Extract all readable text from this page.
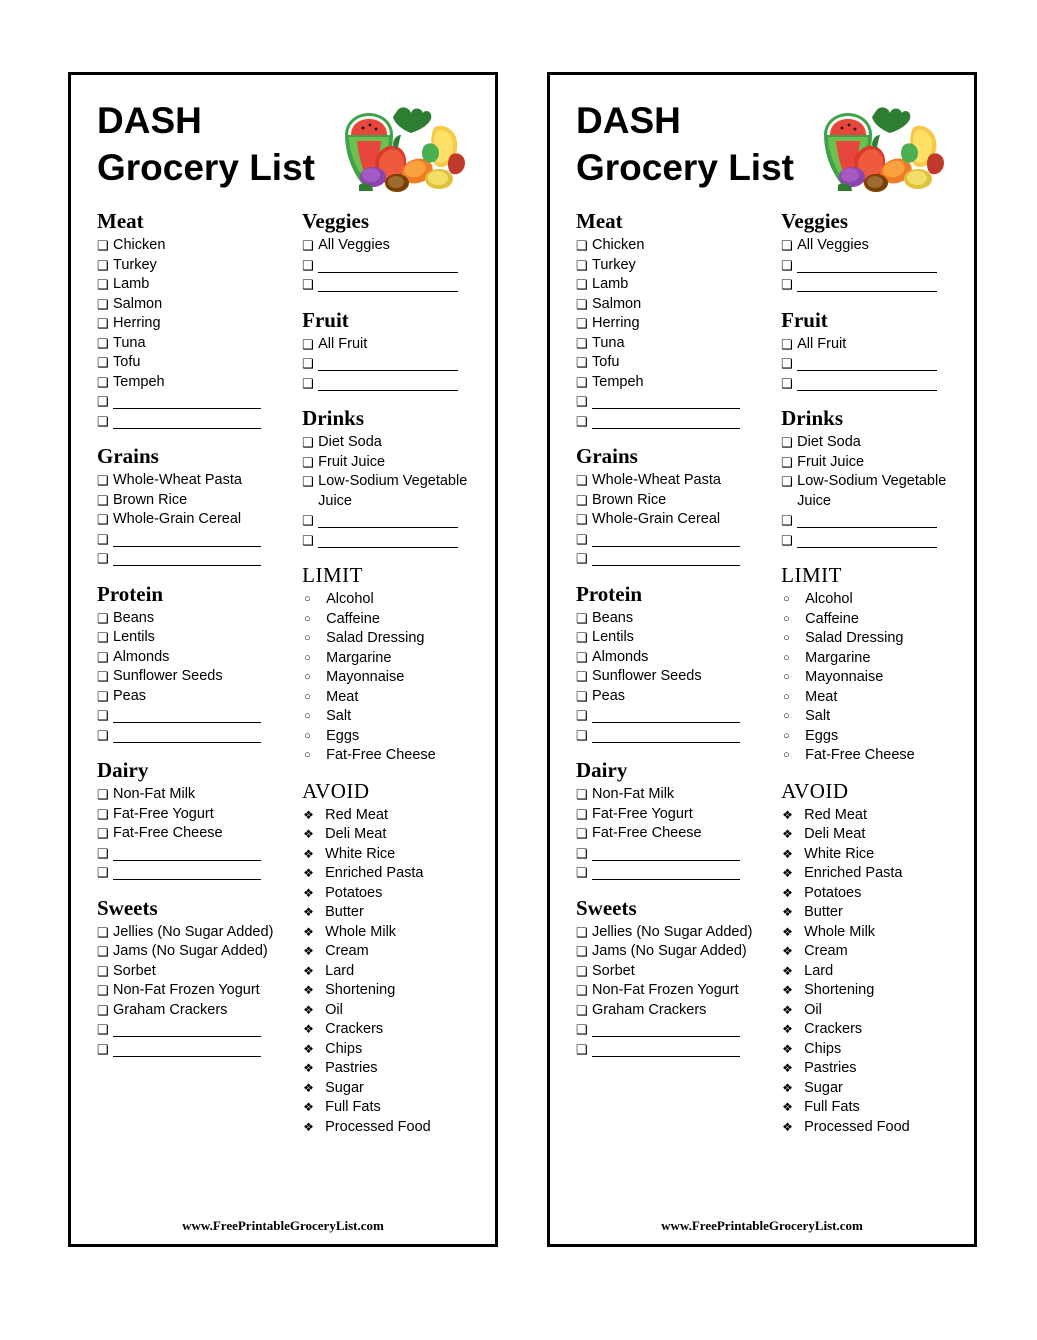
DASH
Grocery List
Meat
❑ Chicken
❑ Turkey
❑ Lamb
❑ Salmon
❑ Herring
❑ Tuna
❑ Tofu
❑ Tempeh
❑
❑
Grains
❑ Whole-Wheat Pasta
❑ Brown Rice
❑ Whole-Grain Cereal
❑
❑
Protein
❑ Beans
❑ Lentils
❑ Almonds
❑ Sunflower Seeds
❑ Peas
❑
❑
Dairy
❑ Non-Fat Milk
❑ Fat-Free Yogurt
❑ Fat-Free Cheese
❑
❑
Sweets
❑ Jellies (No Sugar Added)
❑ Jams (No Sugar Added)
❑ Sorbet
❑ Non-Fat Frozen Yogurt
❑ Graham Crackers
❑
❑
Veggies
❑ All Veggies
❑
❑
Fruit
❑ All Fruit
❑
❑
Drinks
❑ Diet Soda
❑ Fruit Juice
❑ Low-Sodium Vegetable Juice
❑
❑
LIMIT
○	Alcohol
○	Caffeine
○	Salad Dressing
○	Margarine
○	Mayonnaise
○	Meat
○	Salt
○	Eggs
○	Fat-Free Cheese
AVOID
❖ Red Meat
❖ Deli Meat
❖ White Rice
❖ Enriched Pasta
❖ Potatoes
❖ Butter
❖ Whole Milk
❖ Cream
❖ Lard
❖ Shortening
❖ Oil
❖ Crackers
❖ Chips
❖ Pastries
❖ Sugar
❖ Full Fats
❖ Processed Food
www.FreePrintableGroceryList.com
DASH
Grocery List
Meat
❑ Chicken
❑ Turkey
❑ Lamb
❑ Salmon
❑ Herring
❑ Tuna
❑ Tofu
❑ Tempeh
❑
❑
Grains
❑ Whole-Wheat Pasta
❑ Brown Rice
❑ Whole-Grain Cereal
❑
❑
Protein
❑ Beans
❑ Lentils
❑ Almonds
❑ Sunflower Seeds
❑ Peas
❑
❑
Dairy
❑ Non-Fat Milk
❑ Fat-Free Yogurt
❑ Fat-Free Cheese
❑
❑
Sweets
❑ Jellies (No Sugar Added)
❑ Jams (No Sugar Added)
❑ Sorbet
❑ Non-Fat Frozen Yogurt
❑ Graham Crackers
❑
❑
Veggies
❑ All Veggies
❑
❑
Fruit
❑ All Fruit
❑
❑
Drinks
❑ Diet Soda
❑ Fruit Juice
❑ Low-Sodium Vegetable Juice
❑
❑
LIMIT
○	Alcohol
○	Caffeine
○	Salad Dressing
○	Margarine
○	Mayonnaise
○	Meat
○	Salt
○	Eggs
○	Fat-Free Cheese
AVOID
❖ Red Meat
❖ Deli Meat
❖ White Rice
❖ Enriched Pasta
❖ Potatoes
❖ Butter
❖ Whole Milk
❖ Cream
❖ Lard
❖ Shortening
❖ Oil
❖ Crackers
❖ Chips
❖ Pastries
❖ Sugar
❖ Full Fats
❖ Processed Food
www.FreePrintableGroceryList.com
